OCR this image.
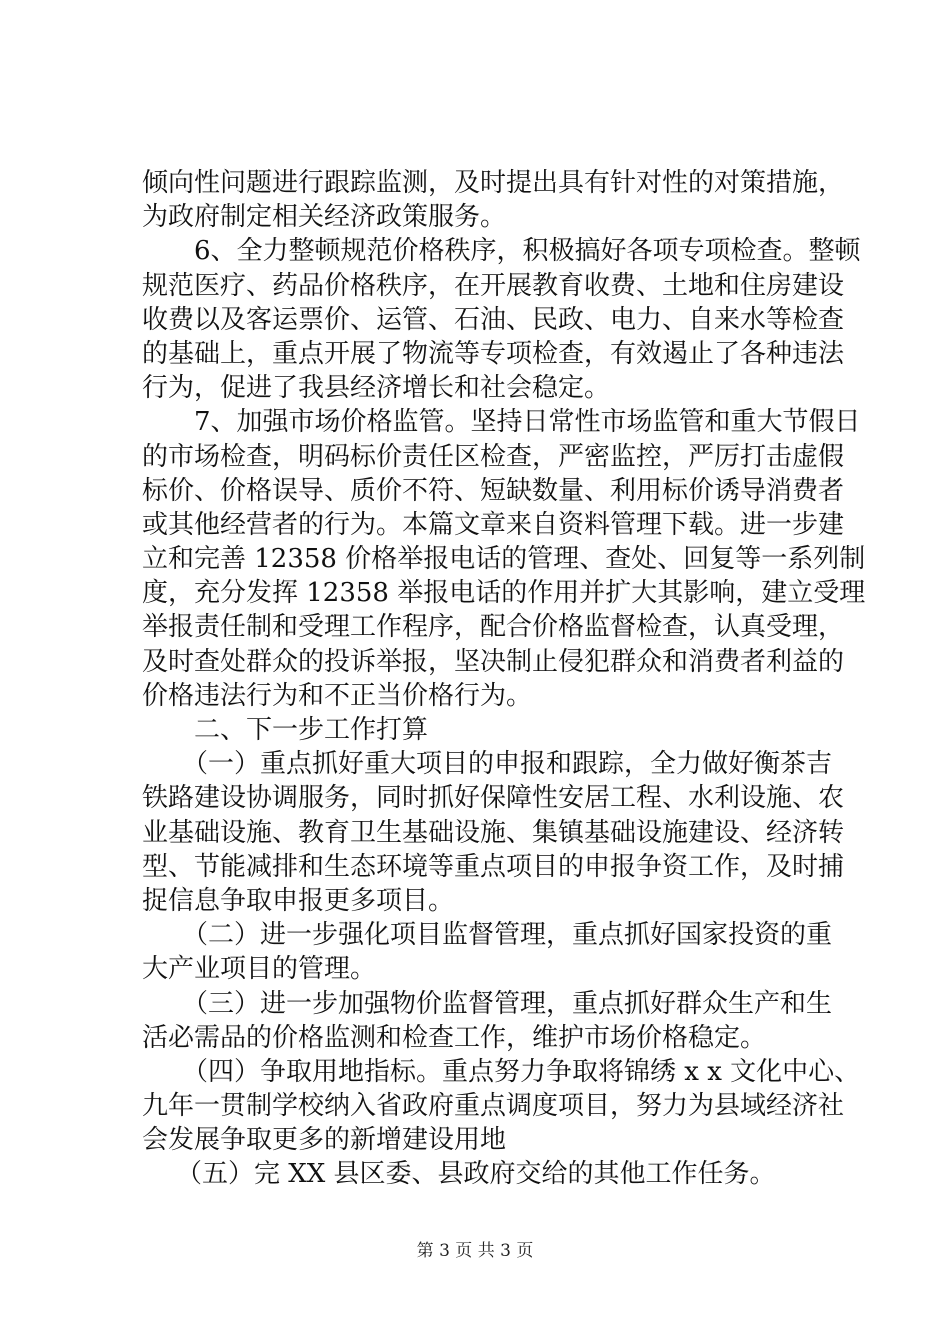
倾向性问题进行跟踪监测，及时提出具有针对性的对策措施，
为政府制定相关经济政策服务。
6、全力整顿规范价格秩序，积极搞好各项专项检查。整顿
规范医疗、药品价格秩序，在开展教育收费、土地和住房建设
收费以及客运票价、运管、石油、民政、电力、自来水等检查
的基础上，重点开展了物流等专项检查，有效遏止了各种违法
行为，促进了我县经济增长和社会稳定。
7、加强市场价格监管。坚持日常性市场监管和重大节假日
的市场检查，明码标价责任区检查，严密监控，严厉打击虚假
标价、价格误导、质价不符、短缺数量、利用标价诱导消费者
或其他经营者的行为。本篇文章来自资料管理下载。进一步建
立和完善 12358 价格举报电话的管理、查处、回复等一系列制
度，充分发挥 12358 举报电话的作用并扩大其影响，建立受理
举报责任制和受理工作程序，配合价格监督检查，认真受理，
及时查处群众的投诉举报，坚决制止侵犯群众和消费者利益的
价格违法行为和不正当价格行为。
二、下一步工作打算
（一）重点抓好重大项目的申报和跟踪，全力做好衡茶吉
铁路建设协调服务，同时抓好保障性安居工程、水利设施、农
业基础设施、教育卫生基础设施、集镇基础设施建设、经济转
型、节能减排和生态环境等重点项目的申报争资工作，及时捕
捉信息争取申报更多项目。
（二）进一步强化项目监督管理，重点抓好国家投资的重
大产业项目的管理。
（三）进一步加强物价监督管理，重点抓好群众生产和生
活必需品的价格监测和检查工作，维护市场价格稳定。
（四）争取用地指标。重点努力争取将锦绣 x x 文化中心、
九年一贯制学校纳入省政府重点调度项目，努力为县域经济社
会发展争取更多的新增建设用地
（五）完 XX 县区委、县政府交给的其他工作任务。
第 3 页 共 3 页
